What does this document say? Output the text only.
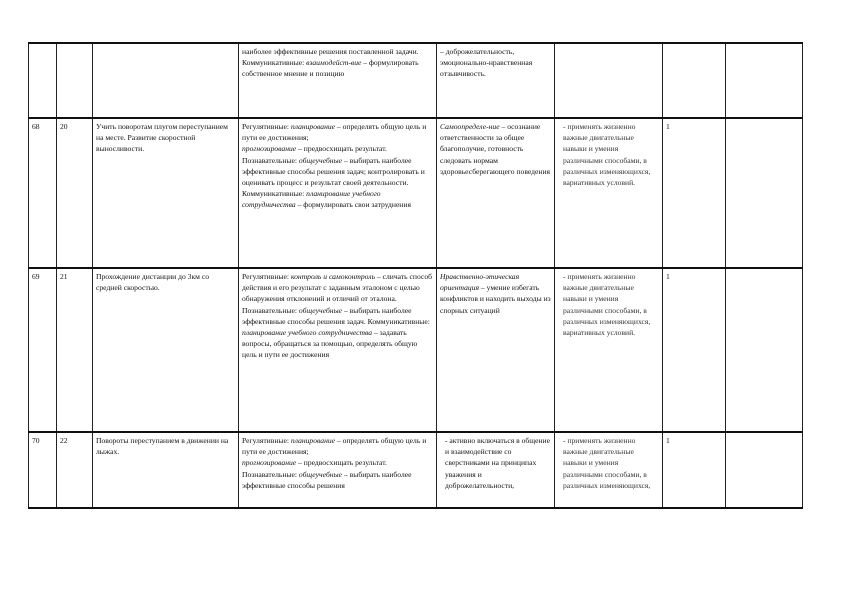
			наиболее эффективные решения поставленной задачи.
Коммуникативные: взаимодейст-вие – формулировать собственное мнение и позицию	– доброжелательность, эмоционально-нравственная отзывчивость.			
68	20	Учить поворотам плугом переступанием на месте. Развитие скоростной выносливости.	Регулятивные: планирование – определять общую цель и пути ее достижения;
прогнозирование – предвосхищать результат.
Познавательные: общеучебные – выбирать наиболее эффективные способы решения задач; контролировать и оценивать процесс и результат своей деятельности.
Коммуникативные: планирование учебного сотрудничества – формулировать свои затруднения	Самоопределе-ние – осознание ответственности за общее благополучие, готовность следовать нормам здоровьесберегающего поведения	- применять жизненно важные двигательные навыки и умения различными способами, в различных изменяющихся, вариативных условий.	1	
69	21	Прохождение дистанции до 3км со средней скоростью.	Регулятивные: контроль и самоконтроль – сличать способ действия и его результат с заданным эталоном с целью обнаружения отклонений и отличий от эталона.
Познавательные: общеучебные – выбирать наиболее эффективные способы решения задач. Коммуникативные: планирование учебного сотрудничества – задавать вопросы, обращаться за помощью, определять общую цель и пути ее достижения	Нравственно-этическая ориентация – умение избегать конфликтов и находить выходы из спорных ситуаций	- применять жизненно важные двигательные навыки и умения различными способами, в различных изменяющихся, вариативных условий.	1	
70	22	Повороты переступанием в движении на лыжах.	Регулятивные: планирование – определять общую цель и пути ее достижения;
прогнозирование – предвосхищать результат.
Познавательные: общеучебные – выбирать наиболее эффективные способы решения	- активно включаться в общение и взаимодействие со сверстниками на принципах уважения и доброжелательности,	- применять жизненно важные двигательные навыки и умения различными способами, в различных изменяющихся,	1	
